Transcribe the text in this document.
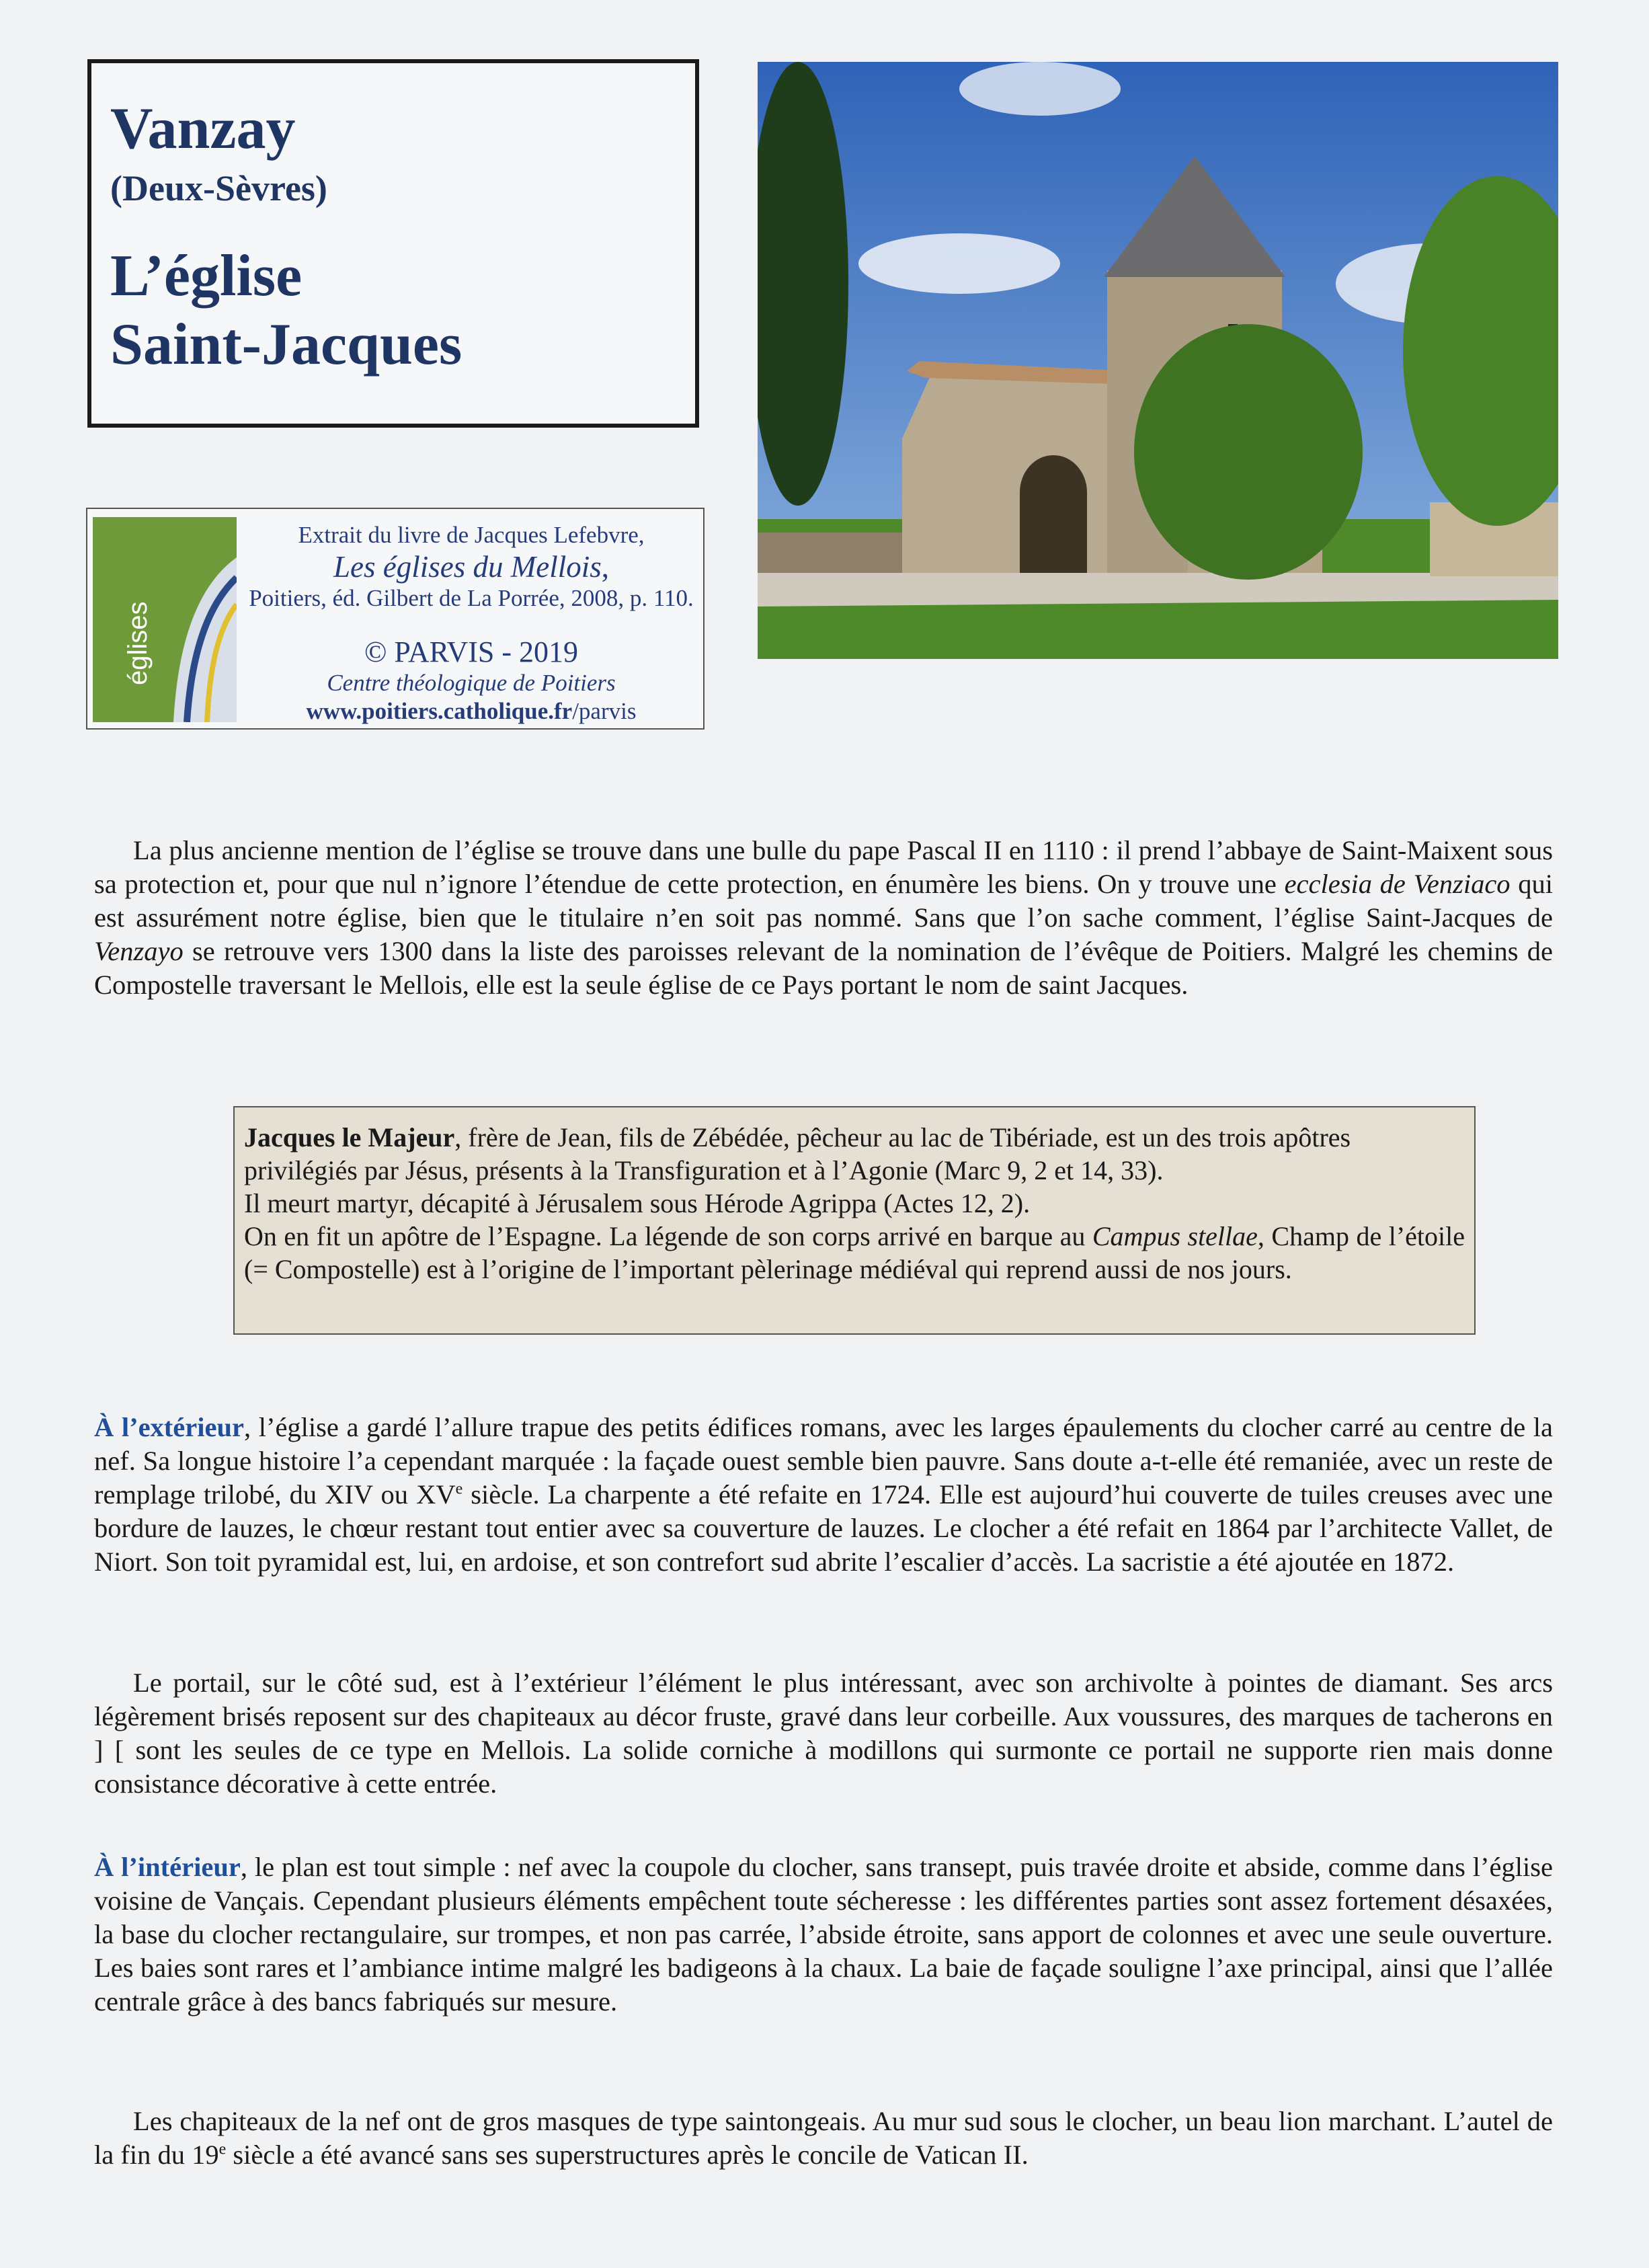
Vanzay
(Deux-Sèvres)
L’église
Saint-Jacques
églises
Extrait du livre de Jacques Lefebvre,
Les églises du Mellois,
Poitiers, éd. Gilbert de La Porrée, 2008, p. 110.
© PARVIS - 2019
Centre théologique de Poitiers
www.poitiers.catholique.fr/parvis
La plus ancienne mention de l’église se trouve dans une bulle du pape Pascal II en 1110 : il prend l’abbaye de Saint-Maixent sous sa protection et, pour que nul n’ignore l’étendue de cette protection, en énumère les biens. On y trouve une ecclesia de Venziaco qui est assurément notre église, bien que le titulaire n’en soit pas nommé. Sans que l’on sache comment, l’église Saint-Jacques de Venzayo se retrouve vers 1300 dans la liste des paroisses relevant de la nomination de l’évêque de Poitiers. Malgré les chemins de Compostelle traversant le Mellois, elle est la seule église de ce Pays portant le nom de saint Jacques.
Jacques le Majeur, frère de Jean, fils de Zébédée, pêcheur au lac de Tibériade, est un des trois apôtres privilégiés par Jésus, présents à la Transfiguration et à l’Agonie (Marc 9, 2 et 14, 33).
Il meurt martyr, décapité à Jérusalem sous Hérode Agrippa (Actes 12, 2).
On en fit un apôtre de l’Espagne. La légende de son corps arrivé en barque au Campus stellae, Champ de l’étoile (= Compostelle) est à l’origine de l’important pèlerinage médiéval qui reprend aussi de nos jours.
À l’extérieur, l’église a gardé l’allure trapue des petits édifices romans, avec les larges épaulements du clocher carré au centre de la nef. Sa longue histoire l’a cependant marquée : la façade ouest semble bien pauvre. Sans doute a-t-elle été remaniée, avec un reste de remplage trilobé, du XIV ou XVe siècle. La charpente a été refaite en 1724. Elle est aujourd’hui couverte de tuiles creuses avec une bordure de lauzes, le chœur restant tout entier avec sa couverture de lauzes. Le clocher a été refait en 1864 par l’architecte Vallet, de Niort. Son toit pyramidal est, lui, en ardoise, et son contrefort sud abrite l’escalier d’accès. La sacristie a été ajoutée en 1872.
Le portail, sur le côté sud, est à l’extérieur l’élément le plus intéressant, avec son archivolte à pointes de diamant. Ses arcs légèrement brisés reposent sur des chapiteaux au décor fruste, gravé dans leur corbeille. Aux voussures, des marques de tacherons en ] [ sont les seules de ce type en Mellois. La solide corniche à modillons qui surmonte ce portail ne supporte rien mais donne consistance décorative à cette entrée.
À l’intérieur, le plan est tout simple : nef avec la coupole du clocher, sans transept, puis travée droite et abside, comme dans l’église voisine de Vançais. Cependant plusieurs éléments empêchent toute sécheresse : les différentes parties sont assez fortement désaxées, la base du clocher rectangulaire, sur trompes, et non pas carrée, l’abside étroite, sans apport de colonnes et avec une seule ouverture. Les baies sont rares et l’ambiance intime malgré les badigeons à la chaux. La baie de façade souligne l’axe principal, ainsi que l’allée centrale grâce à des bancs fabriqués sur mesure.
Les chapiteaux de la nef ont de gros masques de type saintongeais. Au mur sud sous le clocher, un beau lion marchant. L’autel de la fin du 19e siècle a été avancé sans ses superstructures après le concile de Vatican II.
